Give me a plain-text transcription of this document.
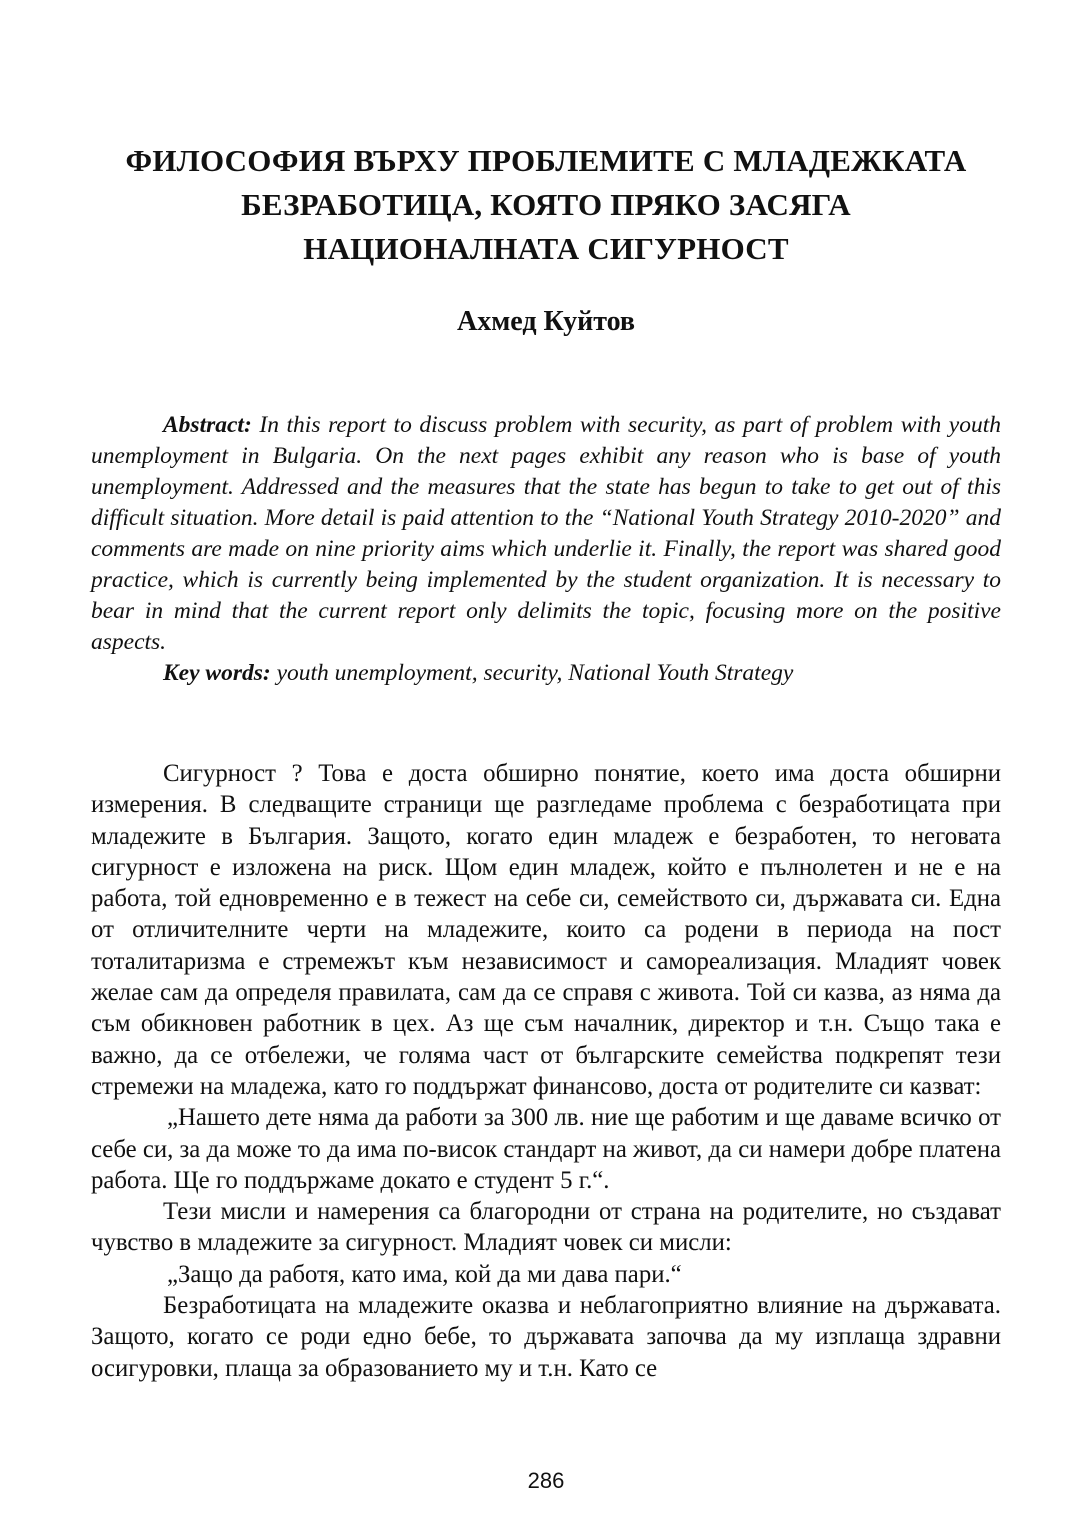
ФИЛОСОФИЯ ВЪРХУ ПРОБЛЕМИТЕ С МЛАДЕЖКАТА
БЕЗРАБОТИЦА, КОЯТО ПРЯКО ЗАСЯГА
НАЦИОНАЛНАТА СИГУРНОСТ
Ахмед Куйтов

Abstract: In this report to discuss problem with security, as part of problem with youth unemployment in Bulgaria. On the next pages exhibit any reason who is base of youth unemployment. Addressed and the measures that the state has begun to take to get out of this difficult situation. More detail is paid attention to the “National Youth Strategy 2010-2020” and comments are made on nine priority aims which underlie it. Finally, the report was shared good practice, which is currently being implemented by the student organization. It is necessary to bear in mind that the current report only delimits the topic, focusing more on the positive aspects.

Key words: youth unemployment, security, National Youth Strategy

Сигурност ? Това е доста обширно понятие, което има доста обширни измерения. В следващите страници ще разгледаме проблема с безработицата при младежите в България. Защото, когато един младеж е безработен, то неговата сигурност е изложена на риск. Щом един младеж, който е пълнолетен и не е на работа, той едновременно е в тежест на себе си, семейството си, държавата си. Една от отличителните черти на младежите, които са родени в периода на пост тоталитаризма е стремежът към независимост и самореализация. Младият човек желае сам да определя правилата, сам да се справя с живота. Той си казва, аз няма да съм обикновен работник в цех. Аз ще съм началник, директор и т.н. Също така е важно, да се отбележи, че голяма част от българските семейства подкрепят тези стремежи на младежа, като го поддържат финансово, доста от родителите си казват:

„Нашето дете няма да работи за 300 лв. ние ще работим и ще даваме всичко от себе си, за да може то да има по-висок стандарт на живот, да си намери добре платена работа. Ще го поддържаме докато е студент 5 г.“.

Тези мисли и намерения са благородни от страна на родителите, но създават чувство в младежите за сигурност. Младият човек си мисли:

„Защо да работя, като има, кой да ми дава пари.“

Безработицата на младежите оказва и неблагоприятно влияние на държавата. Защото, когато се роди едно бебе, то държавата започва да му изплаща здравни осигуровки, плаща за образованието му и т.н. Като се

286
